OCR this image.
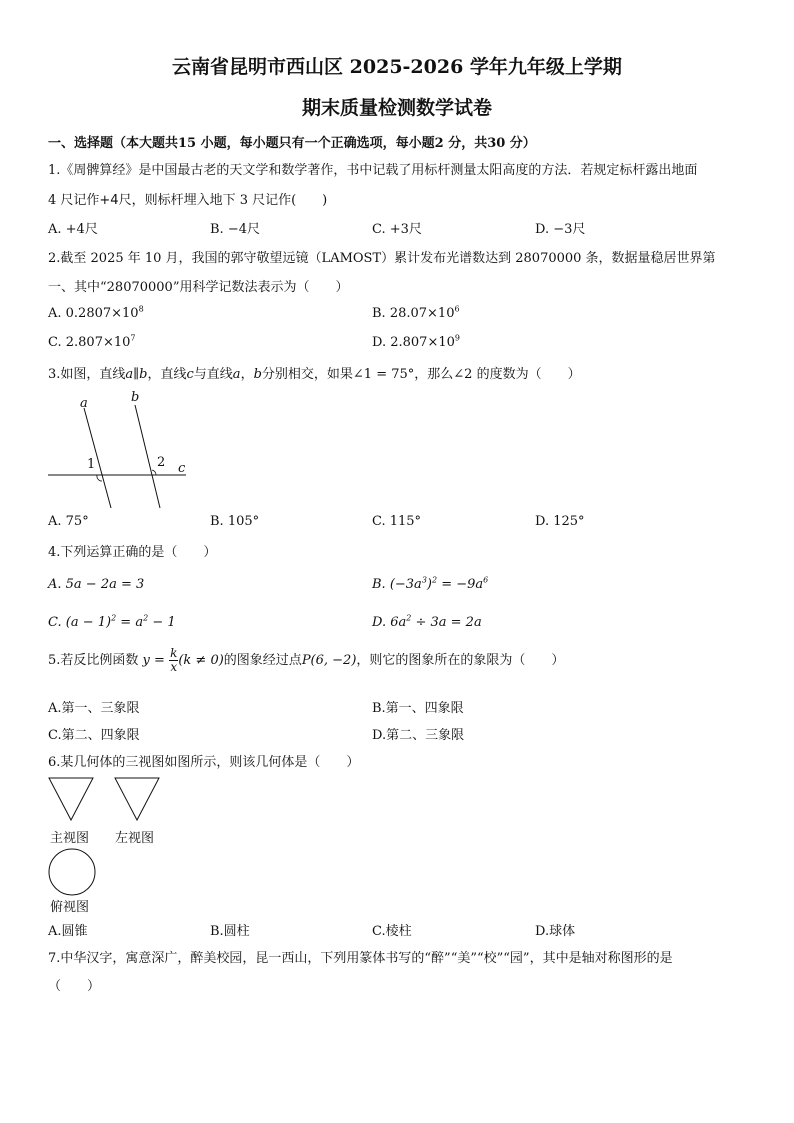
云南省昆明市西山区 2025-2026 学年九年级上学期
期末质量检测数学试卷
一、选择题（本大题共15 小题，每小题只有一个正确选项，每小题2 分，共30 分）
1.《周髀算经》是中国最古老的天文学和数学著作，书中记载了用标杆测量太阳高度的方法．若规定标杆露出地面
4 尺记作+4尺，则标杆埋入地下 3 尺记作(　　)
A. +4尺	B. −4尺	C. +3尺	D. −3尺
2.截至 2025 年 10 月，我国的郭守敬望远镜（LAMOST）累计发布光谱数达到 28070000 条，数据量稳居世界第
一、其中“28070000”用科学记数法表示为（　　）
A. $0.2807\times 10^8$	B. $28.07\times 10^6$
C. $2.807\times 10^7$	D. $2.807\times 10^9$
3.如图，直线a∥b，直线c与直线a，b分别相交，如果∠1 = 75°，那么∠2 的度数为（　　）
a	b
c
1	2
A. 75°	B. 105°	C. 115°	D. 125°
4.下列运算正确的是（　　）
A. 5a − 2a = 3	B. $(-3a^3)^2 = -9a^6$
C. $(a - 1)^2 = a^2 - 1$	D. $6a^2 \div 3a = 2a$
5.若反比例函数 $y = \frac{k}{x} (k \ne 0)$的图象经过点P(6, −2)，则它的图象所在的象限为（　　）
A.第一、三象限	B.第一、四象限
C.第二、四象限	D.第二、三象限
6.某几何体的三视图如图所示，则该几何体是（　　）
主视图 左视图
俯视图
A.圆锥	B.圆柱	C.棱柱	D.球体
7.中华汉字，寓意深广，醉美校园，昆一西山，下列用篆体书写的“醉”“美”“校”“园”，其中是轴对称图形的是
（　　）
